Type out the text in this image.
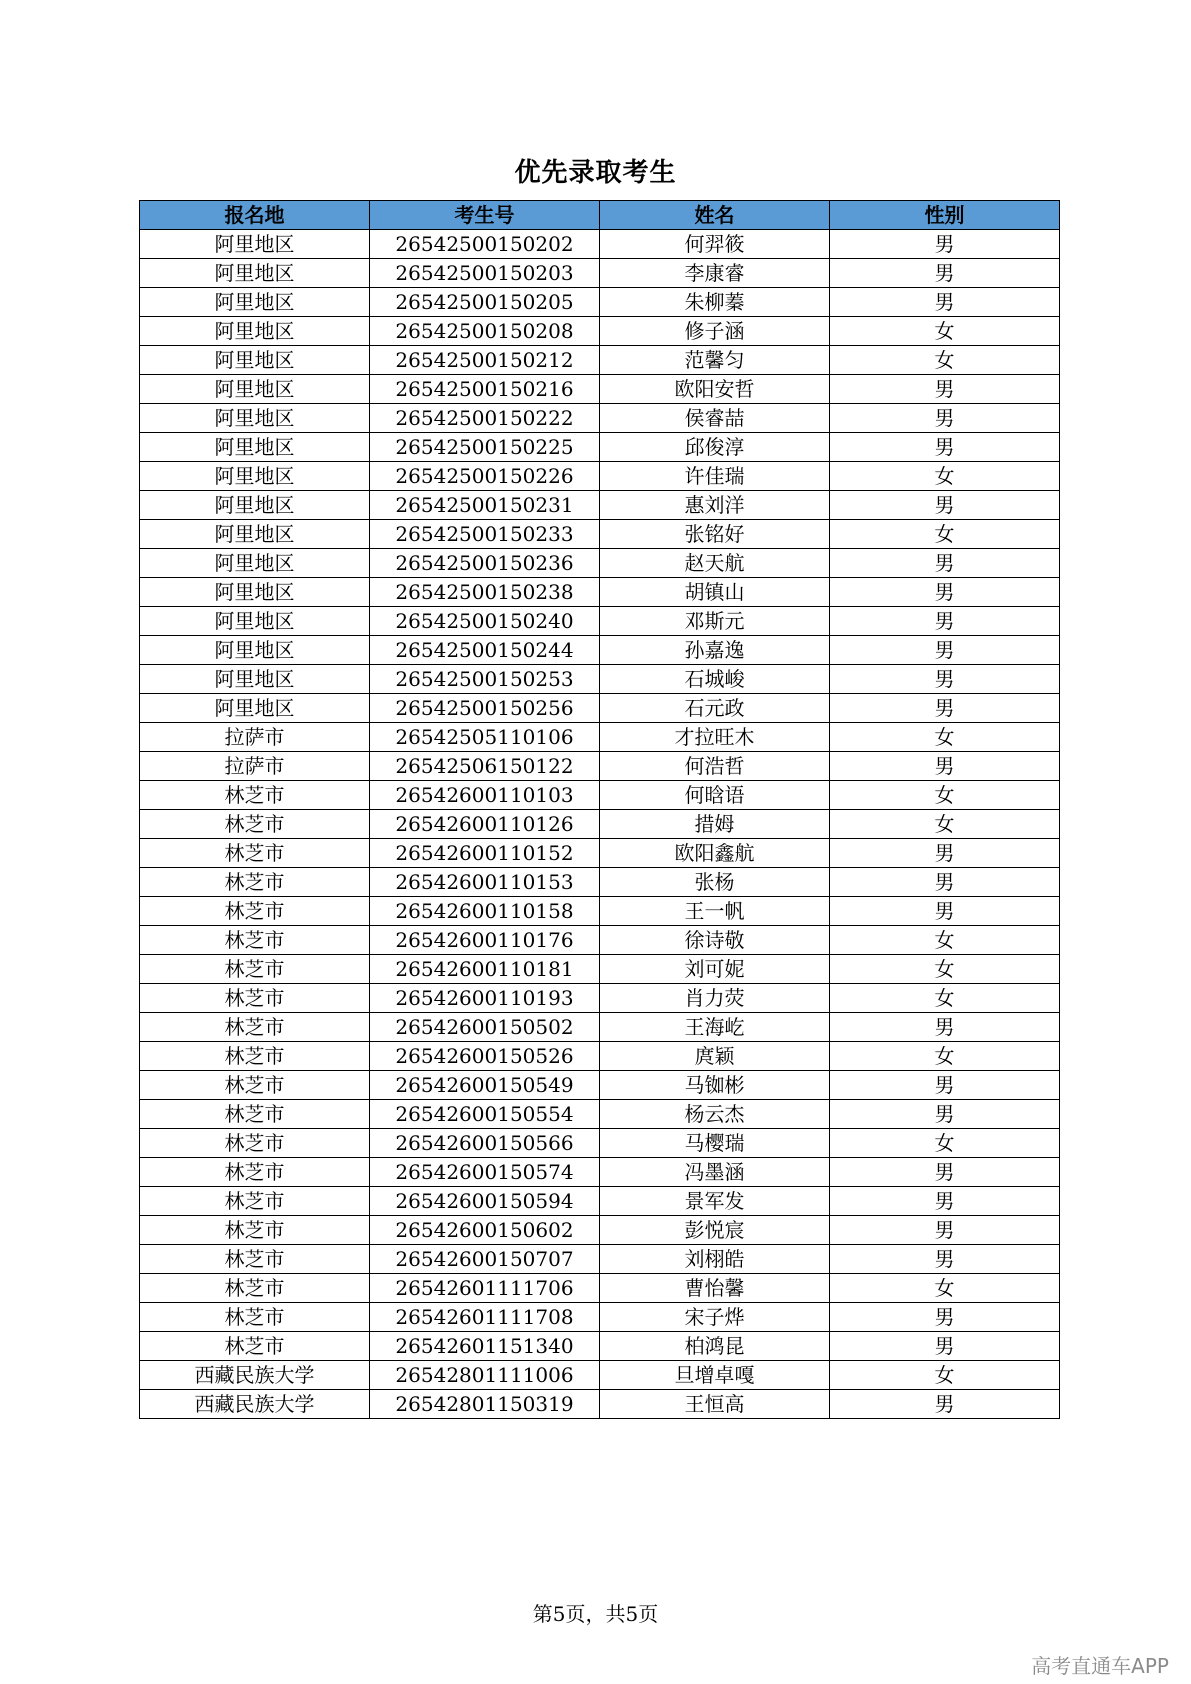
优先录取考生
报名地	考生号	姓名	性别
阿里地区	26542500150202	何羿筱	男
阿里地区	26542500150203	李康睿	男
阿里地区	26542500150205	朱柳蓁	男
阿里地区	26542500150208	修子涵	女
阿里地区	26542500150212	范馨匀	女
阿里地区	26542500150216	欧阳安哲	男
阿里地区	26542500150222	侯睿喆	男
阿里地区	26542500150225	邱俊淳	男
阿里地区	26542500150226	许佳瑞	女
阿里地区	26542500150231	惠刘洋	男
阿里地区	26542500150233	张铭好	女
阿里地区	26542500150236	赵天航	男
阿里地区	26542500150238	胡镇山	男
阿里地区	26542500150240	邓斯元	男
阿里地区	26542500150244	孙嘉逸	男
阿里地区	26542500150253	石城峻	男
阿里地区	26542500150256	石元政	男
拉萨市	26542505110106	才拉旺木	女
拉萨市	26542506150122	何浩哲	男
林芝市	26542600110103	何晗语	女
林芝市	26542600110126	措姆	女
林芝市	26542600110152	欧阳鑫航	男
林芝市	26542600110153	张杨	男
林芝市	26542600110158	王一帆	男
林芝市	26542600110176	徐诗敬	女
林芝市	26542600110181	刘可妮	女
林芝市	26542600110193	肖力荧	女
林芝市	26542600150502	王海屹	男
林芝市	26542600150526	庹颖	女
林芝市	26542600150549	马铷彬	男
林芝市	26542600150554	杨云杰	男
林芝市	26542600150566	马樱瑞	女
林芝市	26542600150574	冯墨涵	男
林芝市	26542600150594	景军发	男
林芝市	26542600150602	彭悦宸	男
林芝市	26542600150707	刘栩皓	男
林芝市	26542601111706	曹怡馨	女
林芝市	26542601111708	宋子烨	男
林芝市	26542601151340	柏鸿昆	男
西藏民族大学	26542801111006	旦增卓嘎	女
西藏民族大学	26542801150319	王恒高	男
第5页，共5页
高考直通车APP
